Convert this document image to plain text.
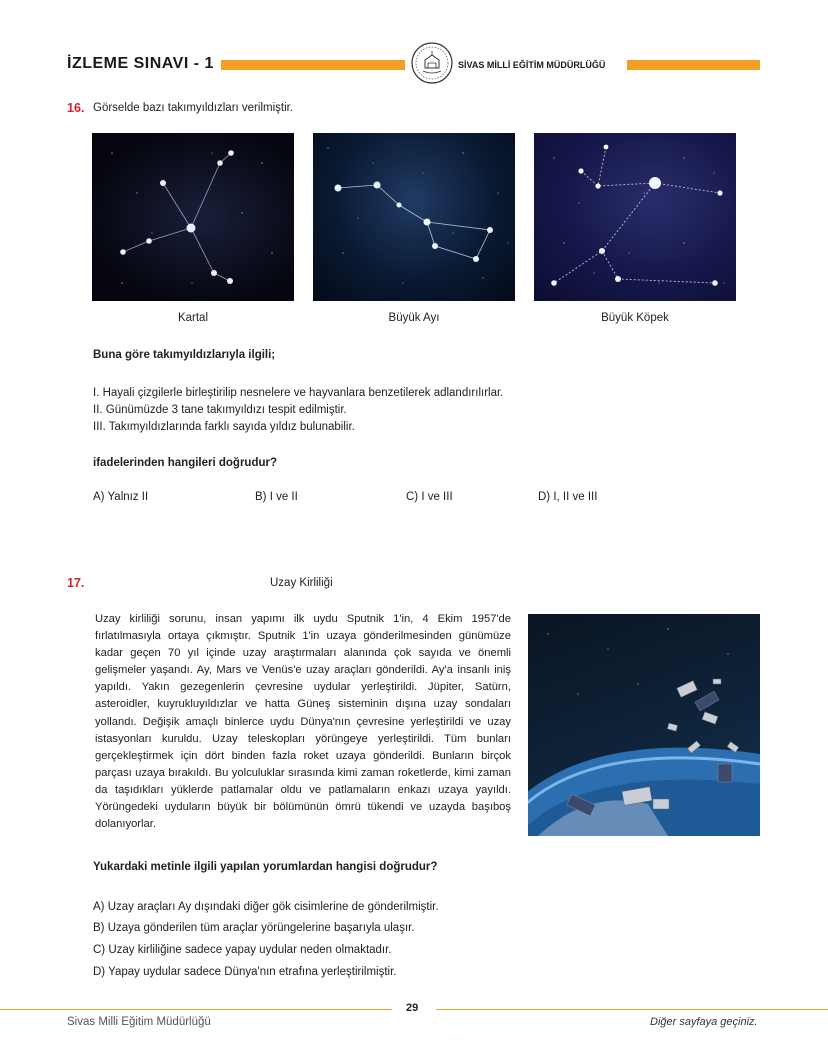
İZLEME SINAVI - 1	SİVAS MİLLİ EĞİTİM MÜDÜRLÜĞÜ
16. Görselde bazı takımyıldızları verilmiştir.
Kartal	Büyük Ayı	Büyük Köpek
Buna göre takımyıldızlarıyla ilgili;
I. Hayali çizgilerle birleştirilip nesnelere ve hayvanlara benzetilerek adlandırılırlar.
II. Günümüzde 3 tane takımyıldızı tespit edilmiştir.
III. Takımyıldızlarında farklı sayıda yıldız bulunabilir.
ifadelerinden hangileri doğrudur?
A) Yalnız II	B) I ve II	C) I ve III	D) I, II ve III
17.	Uzay Kirliliği
Uzay kirliliği sorunu, insan yapımı ilk uydu Sputnik 1'in, 4 Ekim 1957'de fırlatılmasıyla ortaya çıkmıştır. Sputnik 1'in uzaya gönderilmesinden günümüze kadar geçen 70 yıl içinde uzay araştırmaları alanında çok sayıda ve önemli gelişmeler yaşandı. Ay, Mars ve Venüs'e uzay araçları gönderildi. Ay'a insanlı iniş yapıldı. Yakın gezegenlerin çevresine uydular yerleştirildi. Jüpiter, Satürn, asteroidler, kuyrukluyıldızlar ve hatta Güneş sisteminin dışına uzay sondaları yollandı. Değişik amaçlı binlerce uydu Dünya'nın çevresine yerleştirildi ve uzay istasyonları kuruldu. Uzay teleskopları yörüngeye yerleştirildi. Tüm bunları gerçekleştirmek için dört binden fazla roket uzaya gönderildi. Bunların birçok parçası uzaya bırakıldı. Bu yolculuklar sırasında kimi zaman roketlerde, kimi zaman da taşıdıkları yüklerde patlamalar oldu ve patlamaların enkazı uzaya yayıldı. Yörüngedeki uyduların büyük bir bölümünün ömrü tükendi ve uzayda başıboş dolanıyorlar.
Yukardaki metinle ilgili yapılan yorumlardan hangisi doğrudur?
A) Uzay araçları Ay dışındaki diğer gök cisimlerine de gönderilmiştir.
B) Uzaya gönderilen tüm araçlar yörüngelerine başarıyla ulaşır.
C) Uzay kirliliğine sadece yapay uydular neden olmaktadır.
D) Yapay uydular sadece Dünya'nın etrafına yerleştirilmiştir.
29
Sivas Milli Eğitim Müdürlüğü	Diğer sayfaya geçiniz.
